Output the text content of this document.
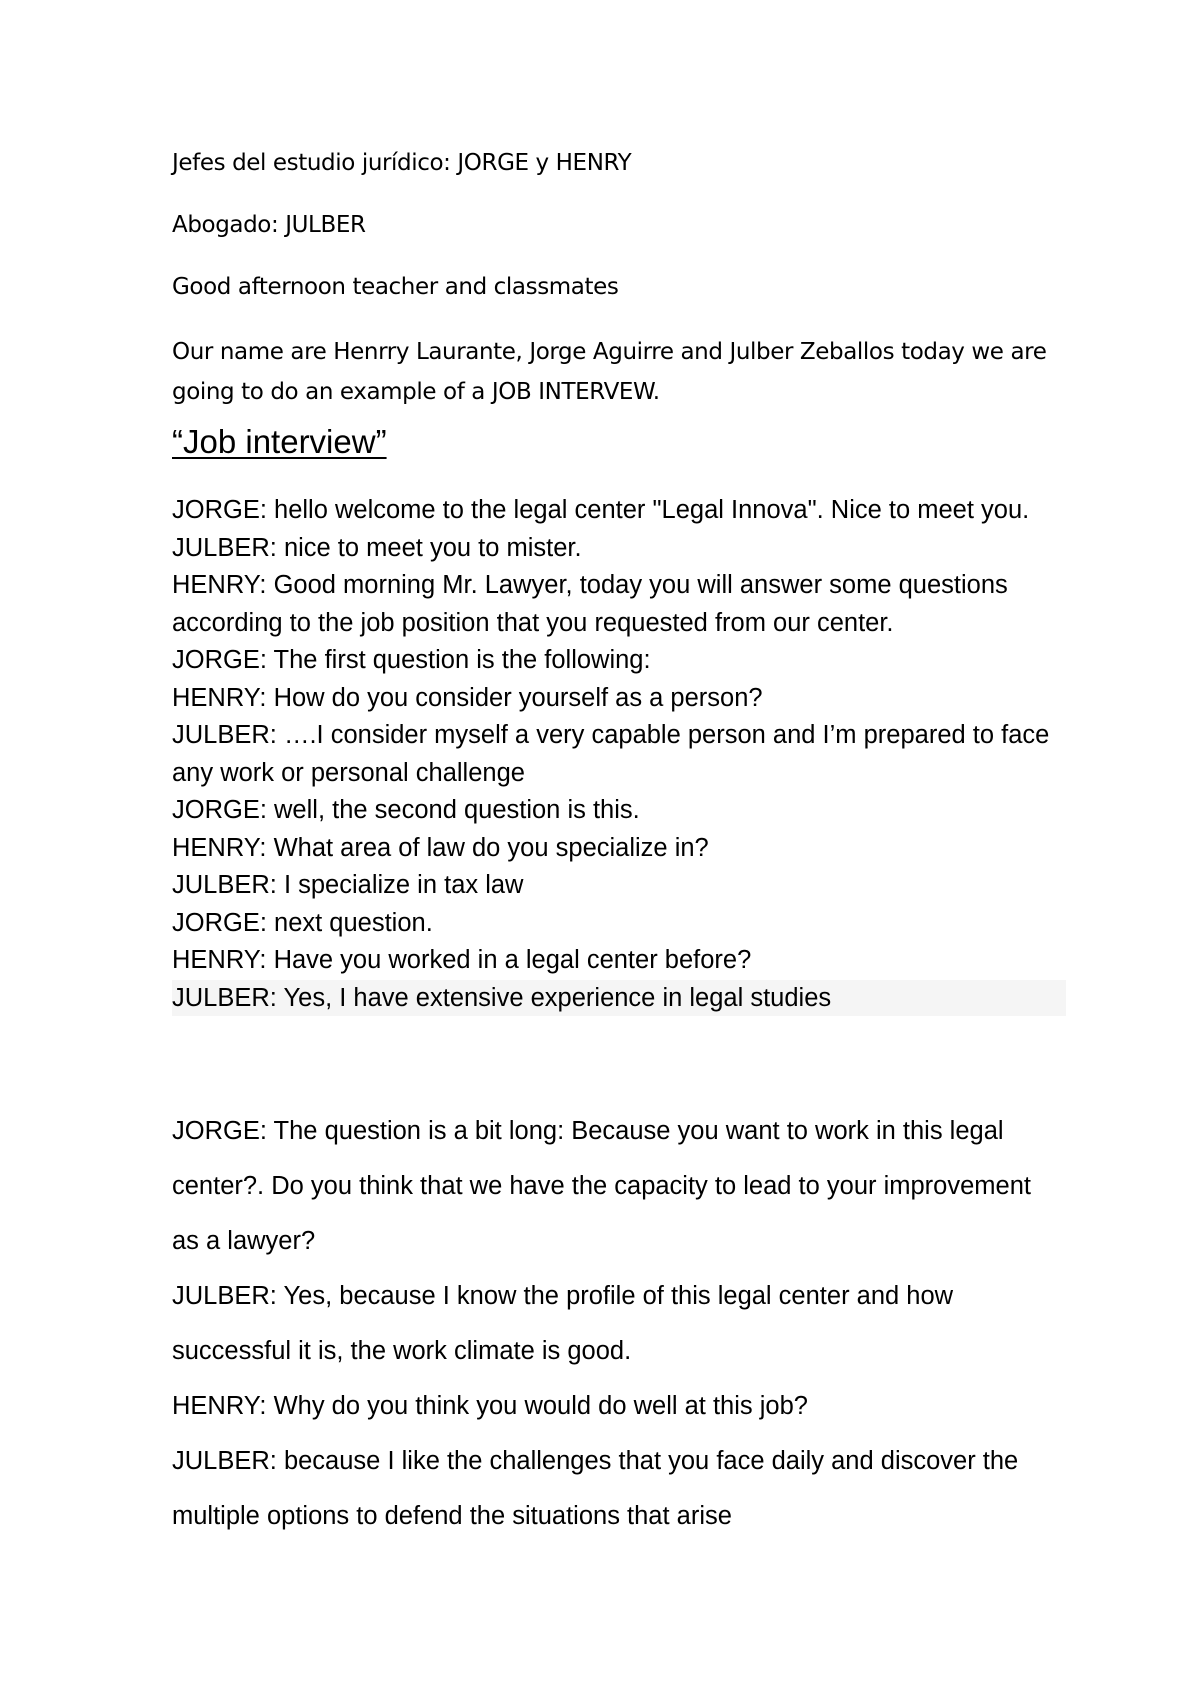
Jefes del estudio jurídico: JORGE y HENRY

Abogado: JULBER

Good afternoon teacher and classmates

Our name are Henrry Laurante, Jorge Aguirre and Julber Zeballos today we are going to do an example of a JOB INTERVEW.

“Job interview”

JORGE: hello welcome to the legal center "Legal Innova". Nice to meet you.

JULBER: nice to meet you to mister.

HENRY: Good morning Mr. Lawyer, today you will answer some questions according to the job position that you requested from our center.

JORGE: The first question is the following:

HENRY: How do you consider yourself as a person?

JULBER: ….I consider myself a very capable person and I’m prepared to face any work or personal challenge

JORGE: well, the second question is this.

HENRY: What area of law do you specialize in?

JULBER: I specialize in tax law

JORGE: next question.

HENRY: Have you worked in a legal center before?

JULBER: Yes, I have extensive experience in legal studies

JORGE: The question is a bit long: Because you want to work in this legal center?. Do you think that we have the capacity to lead to your improvement as a lawyer?

JULBER: Yes, because I know the profile of this legal center and how successful it is, the work climate is good.

HENRY: Why do you think you would do well at this job?

JULBER: because I like the challenges that you face daily and discover the multiple options to defend the situations that arise
